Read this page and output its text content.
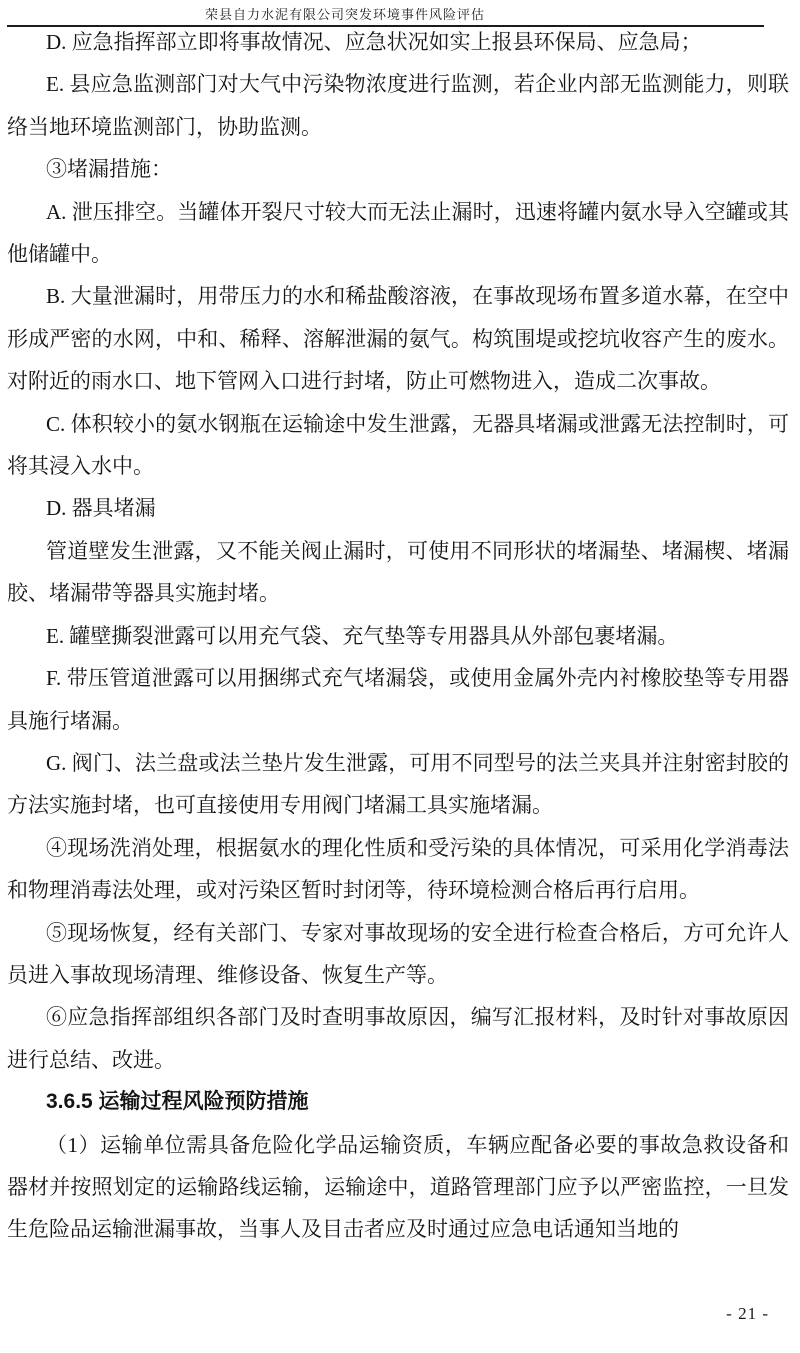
荣县自力水泥有限公司突发环境事件风险评估

D. 应急指挥部立即将事故情况、应急状况如实上报县环保局、应急局；

E. 县应急监测部门对大气中污染物浓度进行监测，若企业内部无监测能力，则联络当地环境监测部门，协助监测。

③堵漏措施：

A. 泄压排空。当罐体开裂尺寸较大而无法止漏时，迅速将罐内氨水导入空罐或其他储罐中。

B. 大量泄漏时，用带压力的水和稀盐酸溶液，在事故现场布置多道水幕，在空中形成严密的水网，中和、稀释、溶解泄漏的氨气。构筑围堤或挖坑收容产生的废水。对附近的雨水口、地下管网入口进行封堵，防止可燃物进入，造成二次事故。

C. 体积较小的氨水钢瓶在运输途中发生泄露，无器具堵漏或泄露无法控制时，可将其浸入水中。

D. 器具堵漏

管道壁发生泄露，又不能关阀止漏时，可使用不同形状的堵漏垫、堵漏楔、堵漏胶、堵漏带等器具实施封堵。

E. 罐壁撕裂泄露可以用充气袋、充气垫等专用器具从外部包裹堵漏。

F. 带压管道泄露可以用捆绑式充气堵漏袋，或使用金属外壳内衬橡胶垫等专用器具施行堵漏。

G. 阀门、法兰盘或法兰垫片发生泄露，可用不同型号的法兰夹具并注射密封胶的方法实施封堵，也可直接使用专用阀门堵漏工具实施堵漏。

④现场洗消处理，根据氨水的理化性质和受污染的具体情况，可采用化学消毒法和物理消毒法处理，或对污染区暂时封闭等，待环境检测合格后再行启用。

⑤现场恢复，经有关部门、专家对事故现场的安全进行检查合格后，方可允许人员进入事故现场清理、维修设备、恢复生产等。

⑥应急指挥部组织各部门及时查明事故原因，编写汇报材料，及时针对事故原因进行总结、改进。

3.6.5 运输过程风险预防措施

（1）运输单位需具备危险化学品运输资质，车辆应配备必要的事故急救设备和器材并按照划定的运输路线运输，运输途中，道路管理部门应予以严密监控，一旦发生危险品运输泄漏事故，当事人及目击者应及时通过应急电话通知当地的

- 21 -
